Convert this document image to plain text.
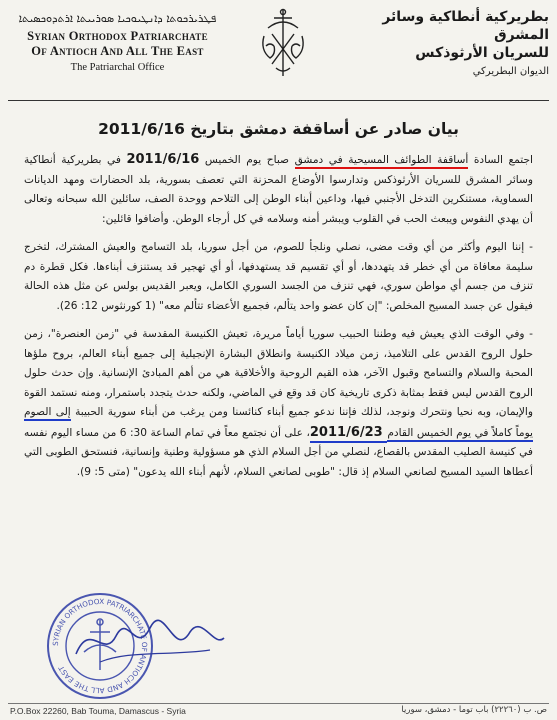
ܦܛܪܝܪܟܘܬܐ ܕܐܢܛܝܘܟܝܐ ܣܘܪܝܝܬܐ ܐܪܬܕܘܟܣܝܬܐ
Syrian Orthodox Patriarchate
Of Antioch And All The East
The Patriarchal Office
بطريركية أنطاكية وسائر المشرق
للسريان الأرثوذكس
الديوان البطريركي
بيان صادر عن أساقفة دمشق بتاريخ 2011/6/16

اجتمع السادة أساقفة الطوائف المسيحية في دمشق صباح يوم الخميس 2011/6/16 في بطريركية أنطاكية وسائر المشرق للسريان الأرثوذكس وتدارسوا الأوضاع المحزنة التي تعصف بسورية، بلد الحضارات ومهد الديانات السماوية، مستنكرين التدخل الأجنبي فيها، وداعين أبناء الوطن إلى التلاحم ووحدة الصف، سائلين الله سبحانه وتعالى أن يهدي النفوس ويبعث الحب في القلوب ويبشر أمنه وسلامه في كل أرجاء الوطن. وأضافوا قائلين:

- إننا اليوم وأكثر من أي وقت مضى، نصلي ونلجأ للصوم، من أجل سوريا، بلد التسامح والعيش المشترك، لتخرج سليمة معافاة من أي خطر قد يتهددها، أو أي تقسيم قد يستهدفها، أو أي تهجير قد يستنزف أبناءها. فكل قطرة دم تنزف من جسم أي مواطن سوري، فهي تنزف من الجسد السوري الكامل، ويعبر القديس بولس عن مثل هذه الحالة فيقول عن جسد المسيح المخلص: "إن كان عضو واحد يتألم، فجميع الأعضاء تتألم معه" (1 كورنثوس 12: 26).

- وفي الوقت الذي يعيش فيه وطننا الحبيب سوريا أياماً مريرة، تعيش الكنيسة المقدسة في "زمن العنصرة"، زمن حلول الروح القدس على التلاميذ، زمن ميلاد الكنيسة وانطلاق البشارة الإنجيلية إلى جميع أبناء العالم، بروح ملؤها المحبة والسلام والتسامح وقبول الآخر، هذه القيم الروحية والأخلاقية هي من أهم المبادئ الإنسانية. وإن حدث حلول الروح القدس ليس فقط بمثابة ذكرى تاريخية كان قد وقع في الماضي، ولكنه حدث يتجدد باستمرار، ومنه نستمد القوة والإيمان، وبه نحيا ونتحرك ونوجد، لذلك فإننا ندعو جميع أبناء كنائسنا ومن يرغب من أبناء سورية الحبيبة إلى الصوم يوماً كاملاً في يوم الخميس القادم 2011/6/23، على أن نجتمع معاً في تمام الساعة 30: 6 من مساء اليوم نفسه في كنيسة الصليب المقدس بالقصاع، لنصلي من أجل السلام الذي هو مسؤولية وطنية وإنسانية، فنستحق الطوبى التي أعطاها السيد المسيح لصانعي السلام إذ قال: "طوبى لصانعي السلام، لأنهم أبناء الله يدعون" (متى 5: 9).

SYRIAN ORTHODOX PATRIARCHATE OF ANTIOCH AND ALL THE EAST
P.O.Box 22260, Bab Touma, Damascus - Syria	ص. ب (٢٢٢٦٠) باب توما - دمشق، سوريا
